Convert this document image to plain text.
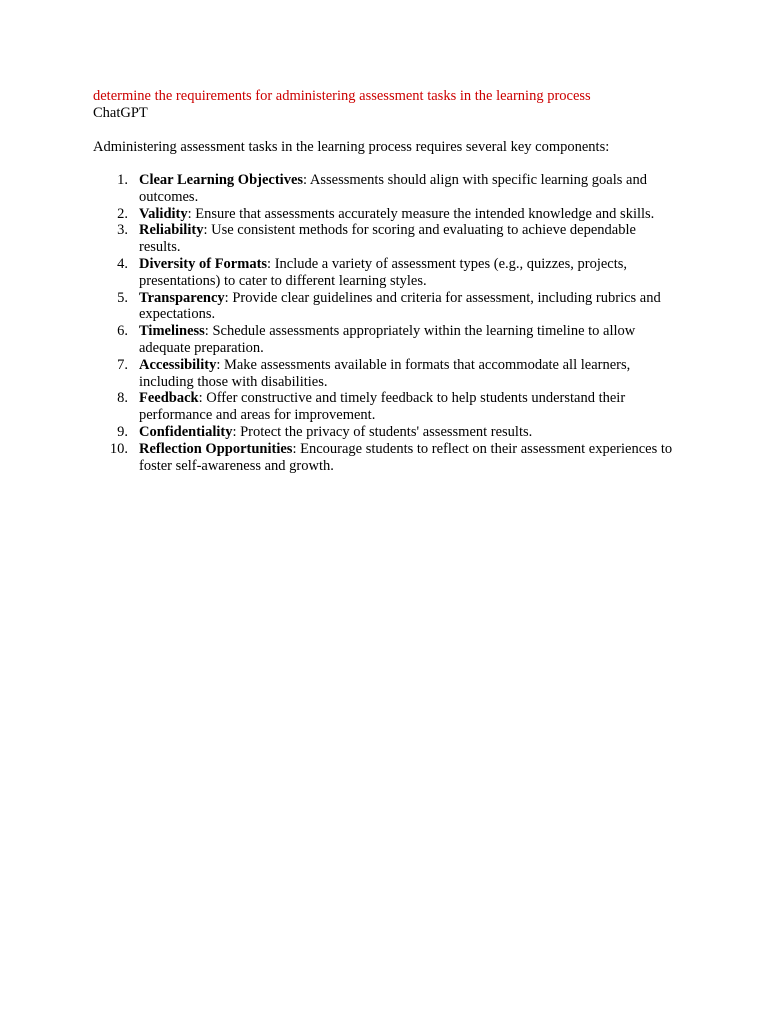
determine the requirements for administering assessment tasks in the learning process

ChatGPT

Administering assessment tasks in the learning process requires several key components:

1. Clear Learning Objectives: Assessments should align with specific learning goals and outcomes.
2. Validity: Ensure that assessments accurately measure the intended knowledge and skills.
3. Reliability: Use consistent methods for scoring and evaluating to achieve dependable results.
4. Diversity of Formats: Include a variety of assessment types (e.g., quizzes, projects, presentations) to cater to different learning styles.
5. Transparency: Provide clear guidelines and criteria for assessment, including rubrics and expectations.
6. Timeliness: Schedule assessments appropriately within the learning timeline to allow adequate preparation.
7. Accessibility: Make assessments available in formats that accommodate all learners, including those with disabilities.
8. Feedback: Offer constructive and timely feedback to help students understand their performance and areas for improvement.
9. Confidentiality: Protect the privacy of students' assessment results.
10. Reflection Opportunities: Encourage students to reflect on their assessment experiences to foster self-awareness and growth.
